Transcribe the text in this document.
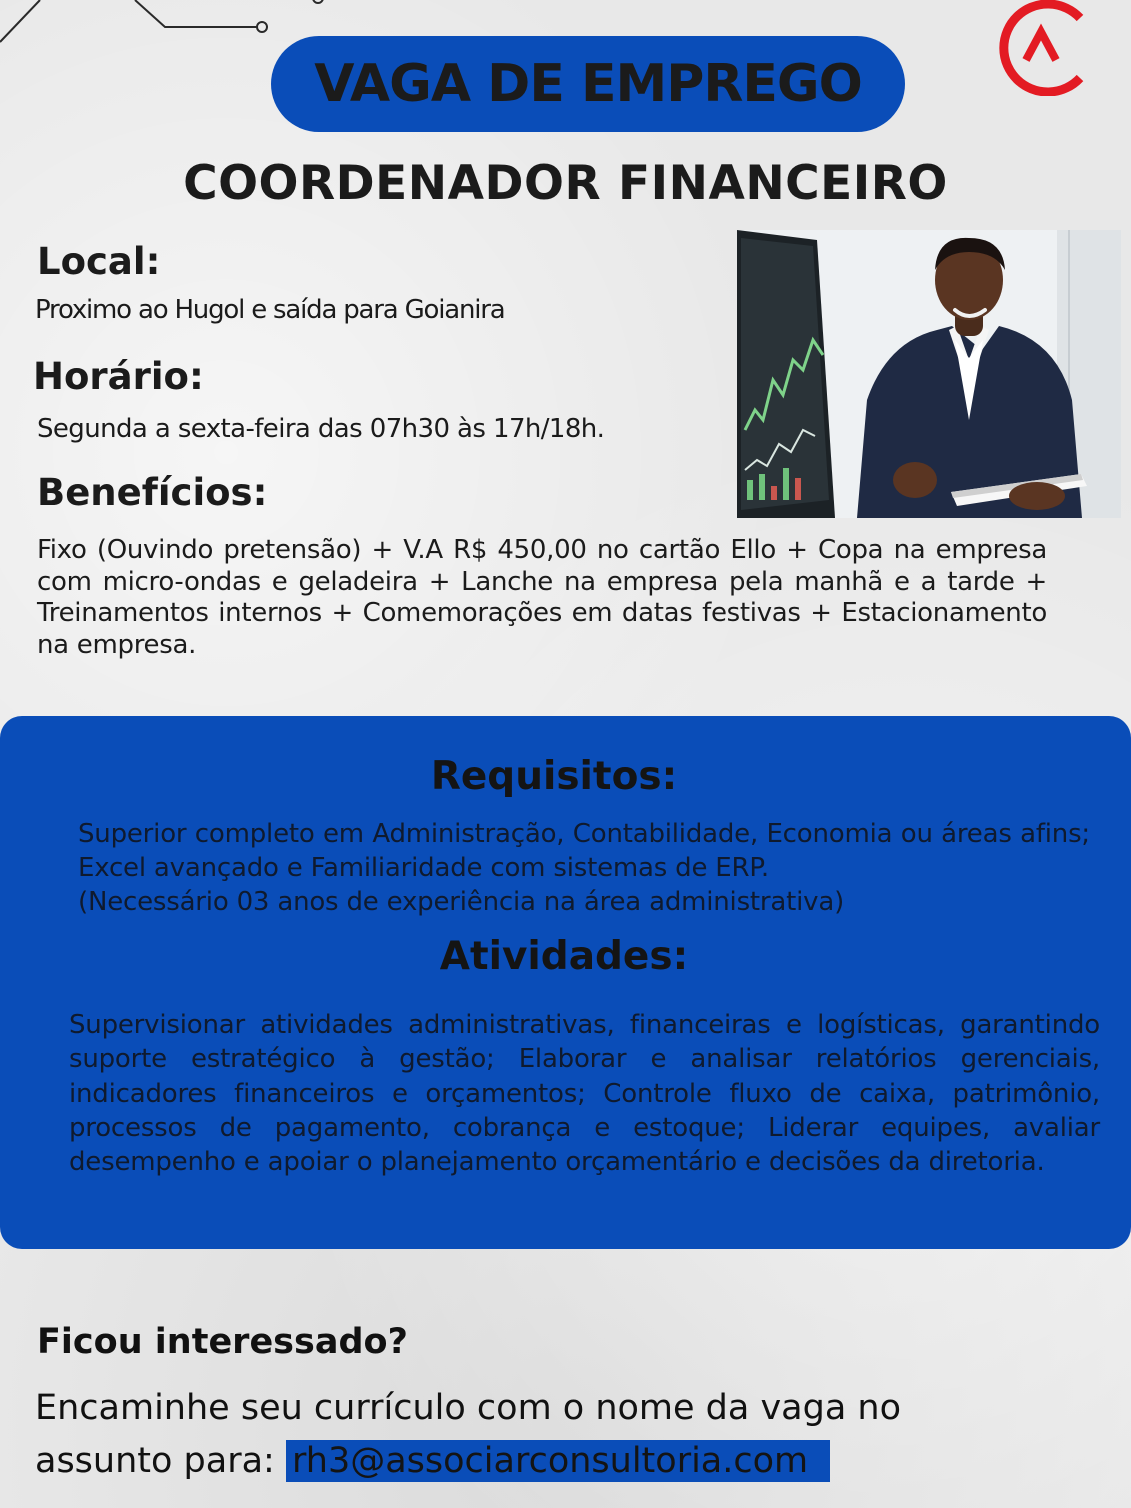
VAGA DE EMPREGO
COORDENADOR FINANCEIRO
Local:
Proximo ao Hugol e saída para Goianira
Horário:
Segunda a sexta-feira das 07h30 às 17h/18h.
Benefícios:
Fixo (Ouvindo pretensão) + V.A R$ 450,00 no cartão Ello + Copa na empresa com micro-ondas e geladeira + Lanche na empresa pela manhã e a tarde + Treinamentos internos + Comemorações em datas festivas + Estacionamento na empresa.
Requisitos:
Superior completo em Administração, Contabilidade, Economia ou áreas afins; Excel avançado e Familiaridade com sistemas de ERP.
(Necessário 03 anos de experiência na área administrativa)
Atividades:
Supervisionar atividades administrativas, financeiras e logísticas, garantindo suporte estratégico à gestão; Elaborar e analisar relatórios gerenciais, indicadores financeiros e orçamentos; Controle fluxo de caixa, patrimônio, processos de pagamento, cobrança e estoque; Liderar equipes, avaliar desempenho e apoiar o planejamento orçamentário e decisões da diretoria.
Ficou interessado?
Encaminhe seu currículo com o nome da vaga no
assunto para: rh3@associarconsultoria.com
